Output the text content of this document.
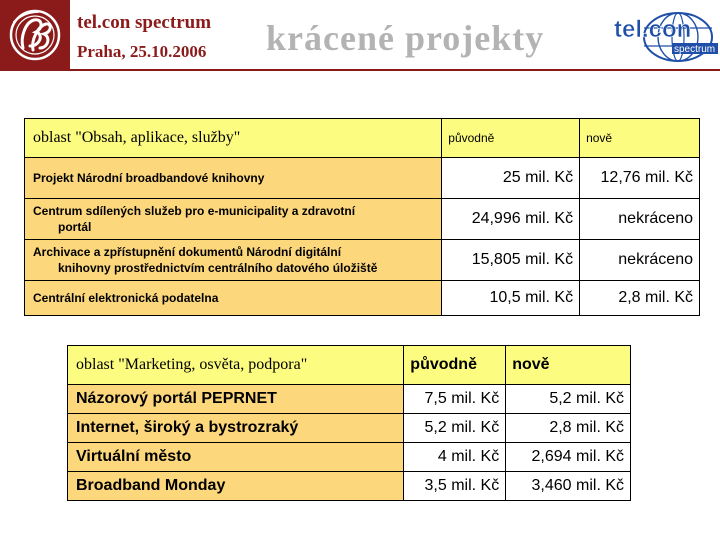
tel.con spectrum
Praha, 25.10.2006 krácené projekty	tel.con
spectrum
oblast "Obsah, aplikace, služby"	původně	nově
Projekt Národní broadbandové knihovny	25 mil. Kč	12,76 mil. Kč
Centrum sdílených služeb pro e-municipality a zdravotní
portál	24,996 mil. Kč	nekráceno
Archivace a zpřístupnění dokumentů Národní digitální
knihovny prostřednictvím centrálního datového úložiště	15,805 mil. Kč	nekráceno
Centrální elektronická podatelna	10,5 mil. Kč	2,8 mil. Kč
oblast "Marketing, osvěta, podpora"	původně	nově
Názorový portál PEPRNET	7,5 mil. Kč	5,2 mil. Kč
Internet, široký a bystrozraký	5,2 mil. Kč	2,8 mil. Kč
Virtuální město	4 mil. Kč	2,694 mil. Kč
Broadband Monday	3,5 mil. Kč	3,460 mil. Kč
